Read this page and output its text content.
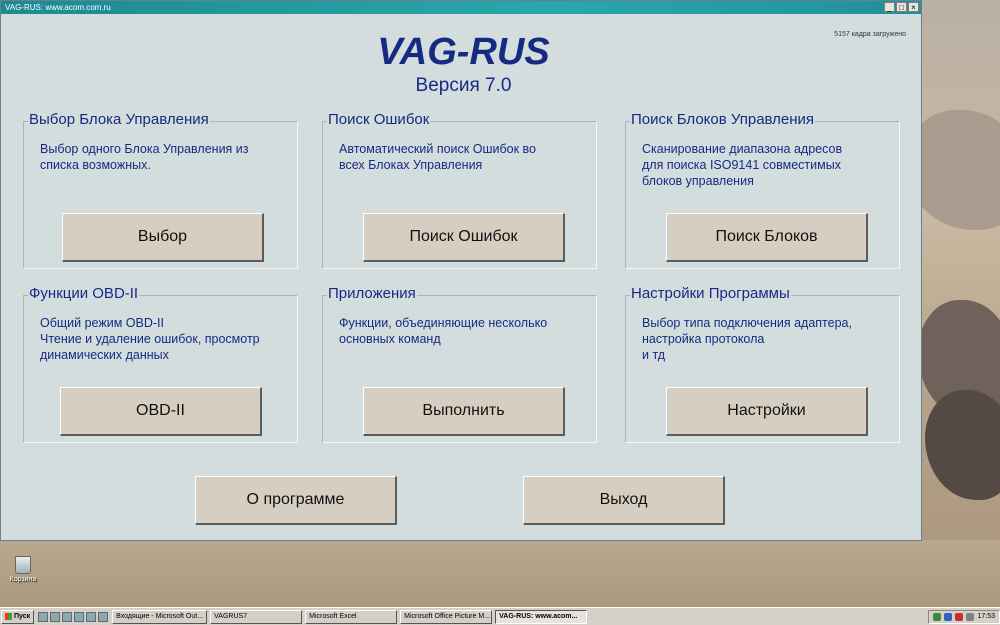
VAG-RUS: www.acom.com.ru	_ □ ×
VAG-RUS
Версия 7.0
5157 кадра загружено
Выбор Блока Управления
Выбор одного Блока Управления из
списка возможных.
Выбор
Поиск Ошибок
Автоматический поиск Ошибок во
всех Блоках Управления
Поиск Ошибок
Поиск Блоков Управления
Сканирование диапазона адресов
для поиска ISO9141 совместимых
блоков управления
Поиск Блоков
Функции OBD-II
Общий режим OBD-II
Чтение и удаление ошибок, просмотр
динамических данных
OBD-II
Приложения
Функции, объединяющие несколько
основных команд
Выполнить
Настройки Программы
Выбор типа подключения адаптера,
настройка протокола
и тд
Настройки
О программе	Выход
Корзина
Пуск	Входящие - Microsoft Out...	VAGRUS7	Microsoft Excel	Microsoft Office Picture M...	VAG-RUS: www.acom...	17:53
